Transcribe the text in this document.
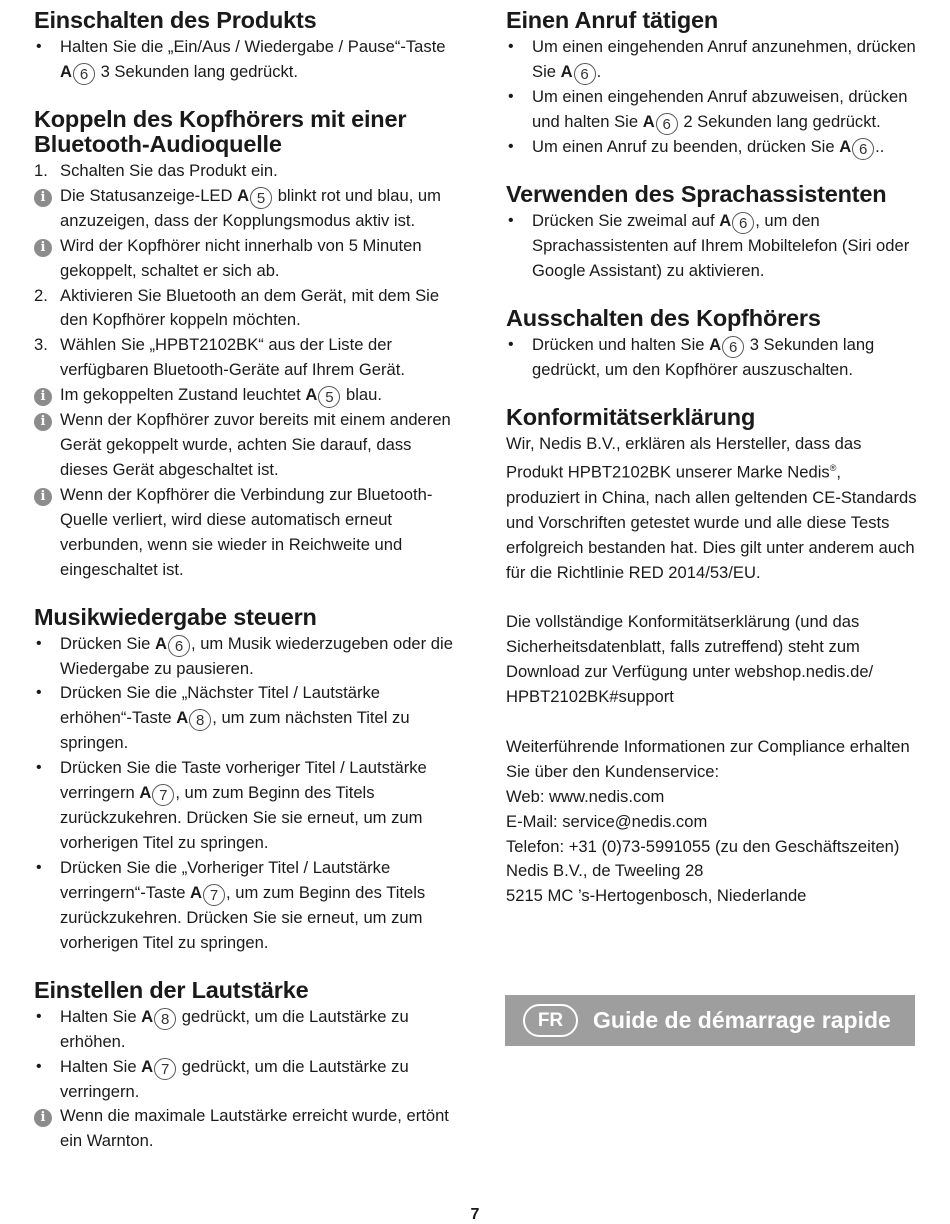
Einschalten des Produkts
•	Halten Sie die „Ein/Aus / Wiedergabe / Pause“-Taste A 6 3 Sekunden lang gedrückt.
Koppeln des Kopfhörers mit einer Bluetooth-Audioquelle
1. Schalten Sie das Produkt ein.
i Die Statusanzeige-LED A 5 blinkt rot und blau, um anzuzeigen, dass der Kopplungsmodus aktiv ist.
i Wird der Kopfhörer nicht innerhalb von 5 Minuten gekoppelt, schaltet er sich ab.
2. Aktivieren Sie Bluetooth an dem Gerät, mit dem Sie den Kopfhörer koppeln möchten.
3. Wählen Sie „HPBT2102BK“ aus der Liste der verfügbaren Bluetooth-Geräte auf Ihrem Gerät.
i Im gekoppelten Zustand leuchtet A 5 blau.
i Wenn der Kopfhörer zuvor bereits mit einem anderen Gerät gekoppelt wurde, achten Sie darauf, dass dieses Gerät abgeschaltet ist.
i Wenn der Kopfhörer die Verbindung zur Bluetooth-Quelle verliert, wird diese automatisch erneut verbunden, wenn sie wieder in Reichweite und eingeschaltet ist.
Musikwiedergabe steuern
•	Drücken Sie A 6 , um Musik wiederzugeben oder die Wiedergabe zu pausieren.
•	Drücken Sie die „Nächster Titel / Lautstärke erhöhen“-Taste A 8 , um zum nächsten Titel zu springen.
•	Drücken Sie die Taste vorheriger Titel / Lautstärke verringern A 7 , um zum Beginn des Titels zurückzukehren. Drücken Sie sie erneut, um zum vorherigen Titel zu springen.
•	Drücken Sie die „Vorheriger Titel / Lautstärke verringern“-Taste A 7 , um zum Beginn des Titels zurückzukehren. Drücken Sie sie erneut, um zum vorherigen Titel zu springen.
Einstellen der Lautstärke
•	Halten Sie A 8 gedrückt, um die Lautstärke zu erhöhen.
•	Halten Sie A 7 gedrückt, um die Lautstärke zu verringern.
i Wenn die maximale Lautstärke erreicht wurde, ertönt ein Warnton.
Einen Anruf tätigen
•	Um einen eingehenden Anruf anzunehmen, drücken Sie A 6 .
•	Um einen eingehenden Anruf abzuweisen, drücken und halten Sie A 6 2 Sekunden lang gedrückt.
•	Um einen Anruf zu beenden, drücken Sie A 6 ..
Verwenden des Sprachassistenten
•	Drücken Sie zweimal auf A 6 , um den Sprachassistenten auf Ihrem Mobiltelefon (Siri oder Google Assistant) zu aktivieren.
Ausschalten des Kopfhörers
•	Drücken und halten Sie A 6 3 Sekunden lang gedrückt, um den Kopfhörer auszuschalten.
Konformitätserklärung

Wir, Nedis B.V., erklären als Hersteller, dass das Produkt HPBT2102BK unserer Marke Nedis®, produziert in China, nach allen geltenden CE-Standards und Vorschriften getestet wurde und alle diese Tests erfolgreich bestanden hat. Dies gilt unter anderem auch für die Richtlinie RED 2014/53/EU.

Die vollständige Konformitätserklärung (und das Sicherheitsdatenblatt, falls zutreffend) steht zum Download zur Verfügung unter webshop.nedis.de/ HPBT2102BK#support

Weiterführende Informationen zur Compliance erhalten Sie über den Kundenservice:
Web: www.nedis.com
E-Mail: service@nedis.com
Telefon: +31 (0)73-5991055 (zu den Geschäftszeiten)
Nedis B.V., de Tweeling 28
5215 MC ’s-Hertogenbosch, Niederlande

FR	Guide de démarrage rapide
7
